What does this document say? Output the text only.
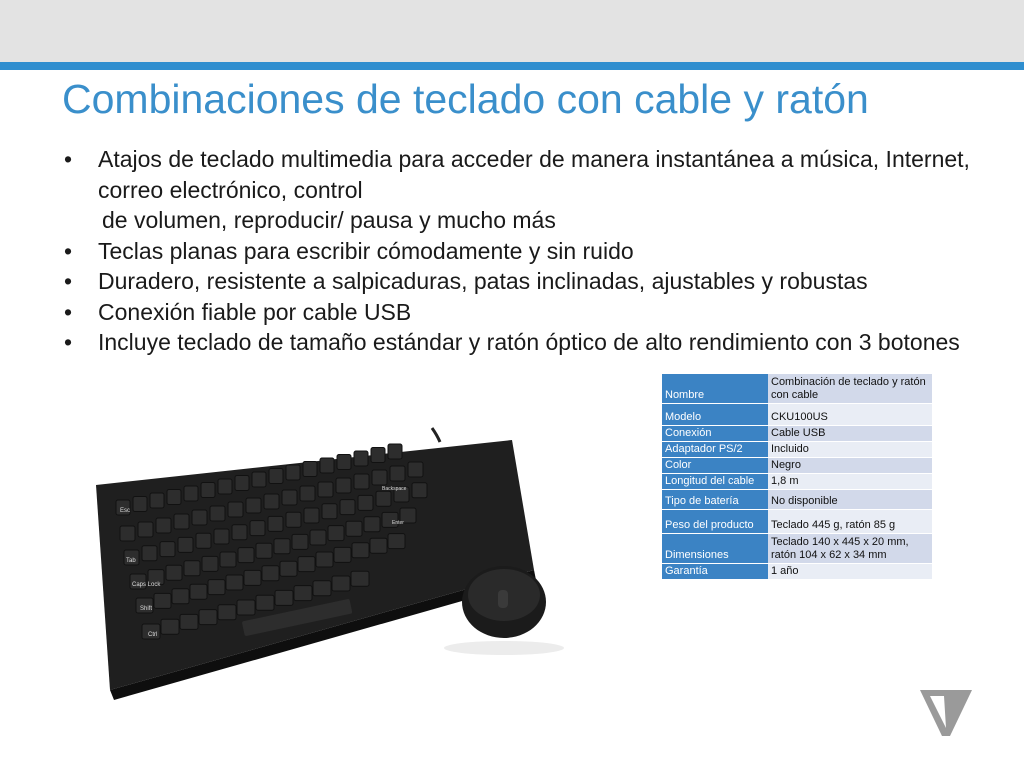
Combinaciones de teclado con cable y ratón
• Atajos de teclado multimedia para acceder de manera instantánea a música, Internet, correo electrónico, control
de volumen, reproducir/ pausa y mucho más
• Teclas planas para escribir cómodamente y sin ruido
• Duradero, resistente a salpicaduras, patas inclinadas, ajustables y robustas
• Conexión fiable por cable USB
• Incluye teclado de tamaño estándar y ratón óptico de alto rendimiento con 3 botones
Nombre	Combinación de teclado y ratón con cable
Modelo	CKU100US
Conexión	Cable USB
Adaptador PS/2	Incluido
Color	Negro
Longitud del cable	1,8 m
Tipo de batería	No disponible
Peso del producto	Teclado 445 g, ratón 85 g
Dimensiones	Teclado 140 x 445 x 20 mm, ratón 104 x 62 x 34 mm
Garantía	1 año
Esc
Tab
Caps Lock
Shift
Ctrl
Backspace
Enter
